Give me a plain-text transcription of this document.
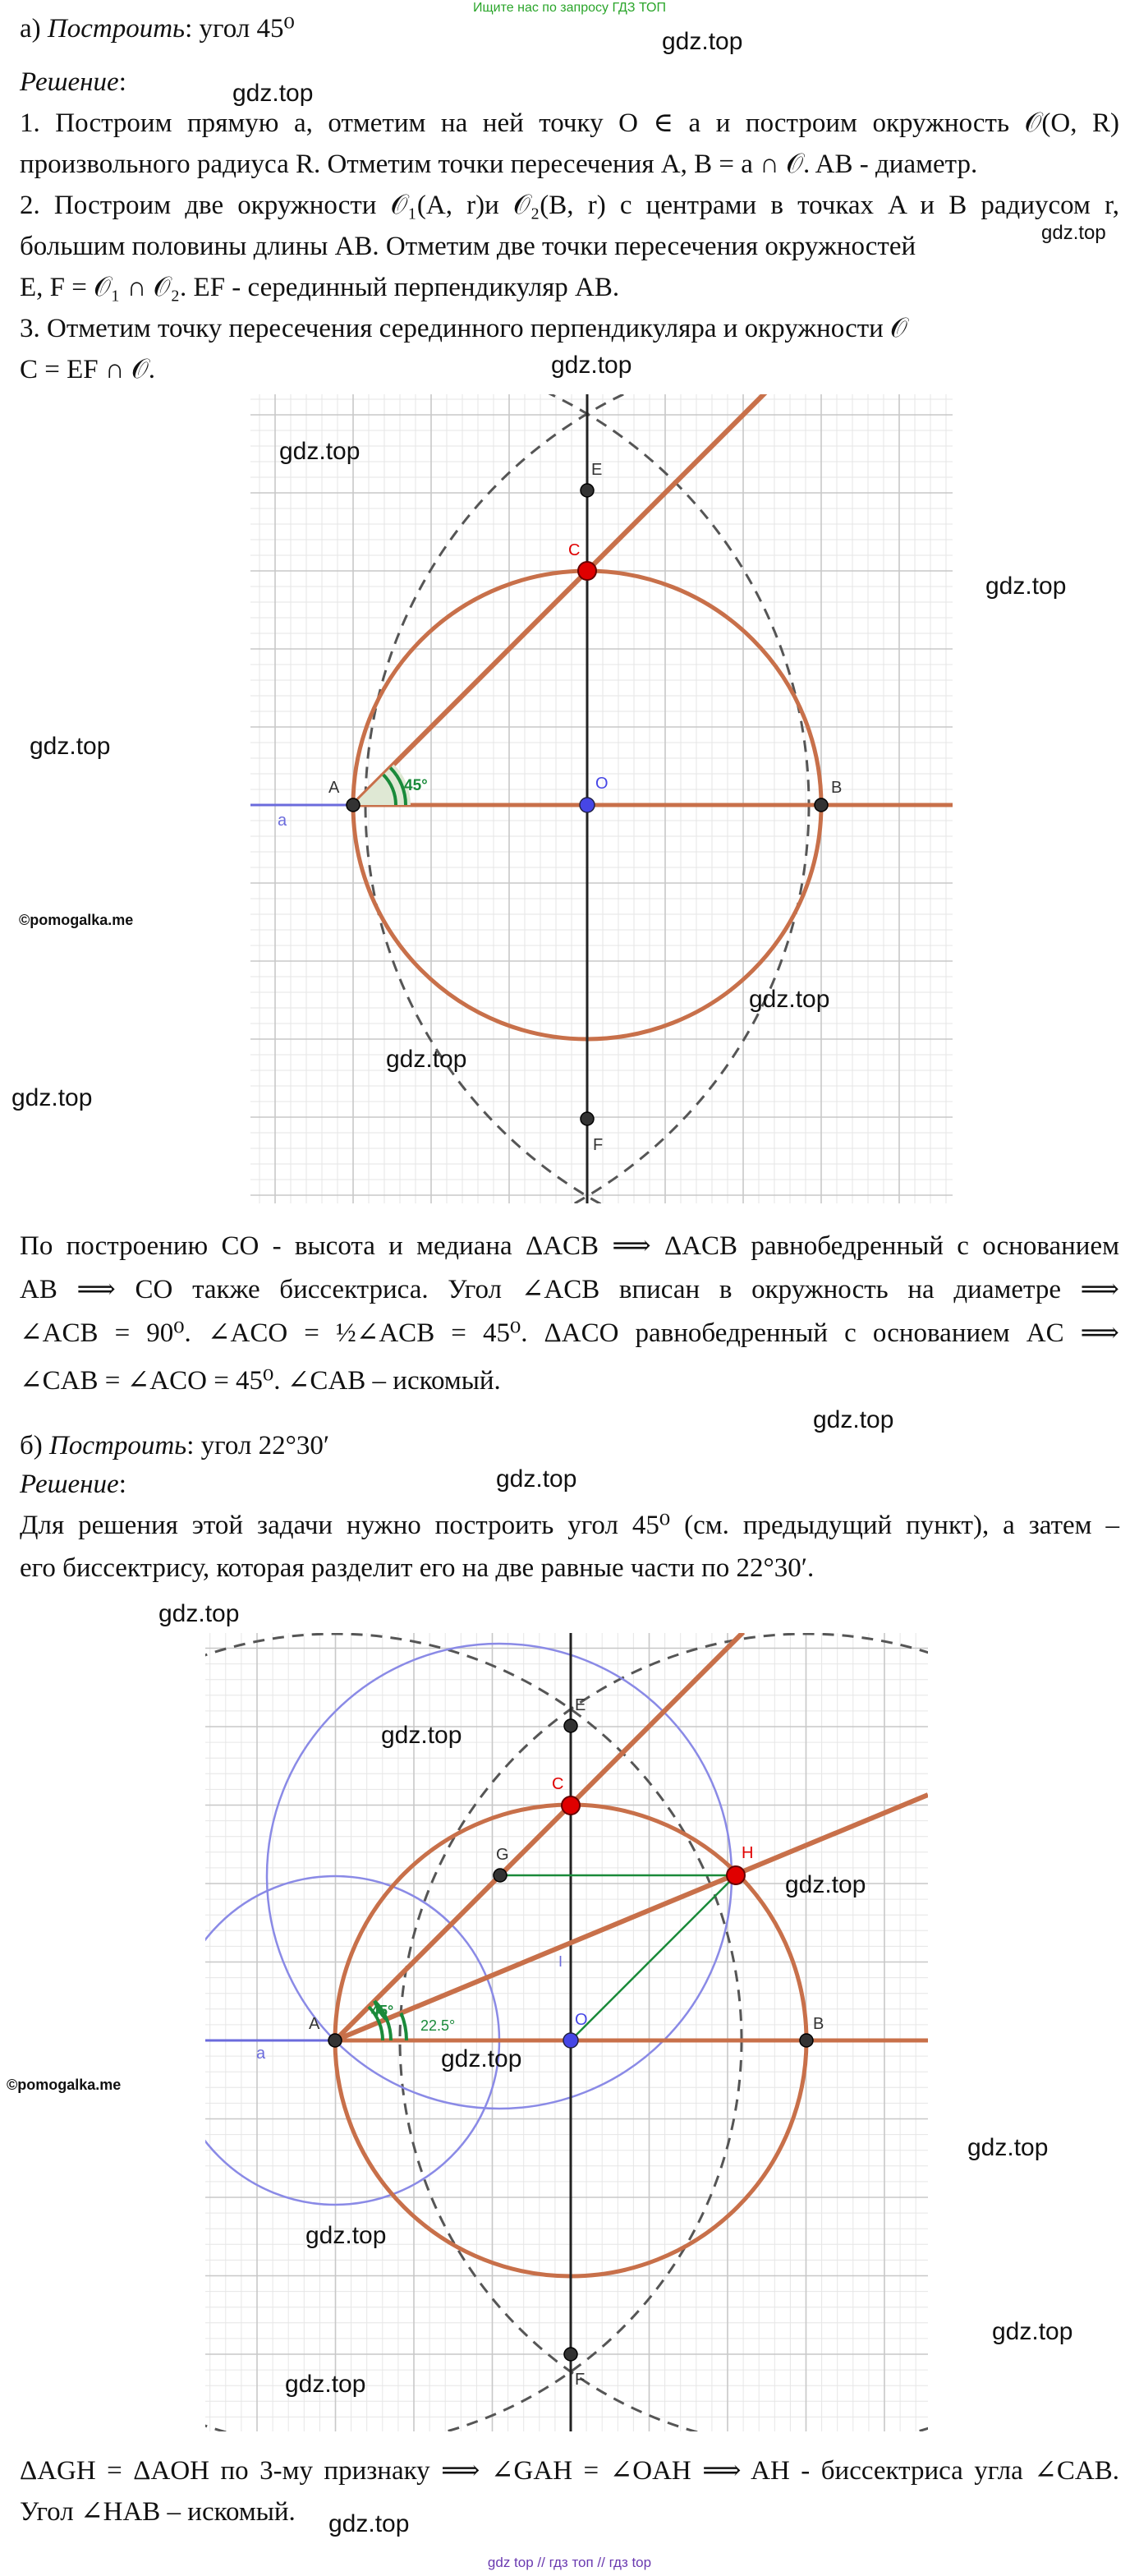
Ищите нас по запросу ГДЗ ТОП
а) Построить: угол 45⁰
Решение:
1. Построим прямую a, отметим на ней точку O ∈ a и построим окружность 𝒪(O, R)
произвольного радиуса R. Отметим точки пересечения A, B = a ∩ 𝒪. AB - диаметр.
2. Построим две окружности 𝒪₁(A, r)и 𝒪₂(B, r) с центрами в точках A и B радиусом r,
большим половины длины AB. Отметим две точки пересечения окружностей
E, F = 𝒪₁ ∩ 𝒪₂. EF - серединный перпендикуляр AB.
3. Отметим точку пересечения серединного перпендикуляра и окружности 𝒪
C = EF ∩ 𝒪.
E
C
O
A	B
F
a
45°
По построению CO - высота и медиана ΔACB ⟹ ΔACB равнобедренный с основанием
AB ⟹ CO также биссектриса. Угол ∠ACB вписан в окружность на диаметре ⟹
∠ACB = 90⁰. ∠ACO = ½∠ACB = 45⁰. ΔACO равнобедренный с основанием AC ⟹
∠CAB = ∠ACO = 45⁰. ∠CAB – искомый.
б) Построить: угол 22°30′
Решение:
Для решения этой задачи нужно построить угол 45⁰ (см. предыдущий пункт), а затем –
его биссектрису, которая разделит его на две равные части по 22°30′.
E
C
G	H
I
O
A	B
F
a
45°
22.5°
ΔAGH = ΔAOH по 3-му признаку ⟹ ∠GAH = ∠OAH ⟹ AH - биссектриса угла ∠CAB.
Угол ∠HAB – искомый.
gdz.top
gdz.top
gdz.top
gdz.top
gdz.top
gdz.top
gdz.top
©pomogalka.me
gdz.top
gdz.top
gdz.top
gdz.top
gdz.top
gdz.top
gdz.top
gdz.top
gdz.top
©pomogalka.me
gdz.top
gdz.top
gdz.top
gdz.top
gdz.top
gdz top // гдз топ // гдз top
